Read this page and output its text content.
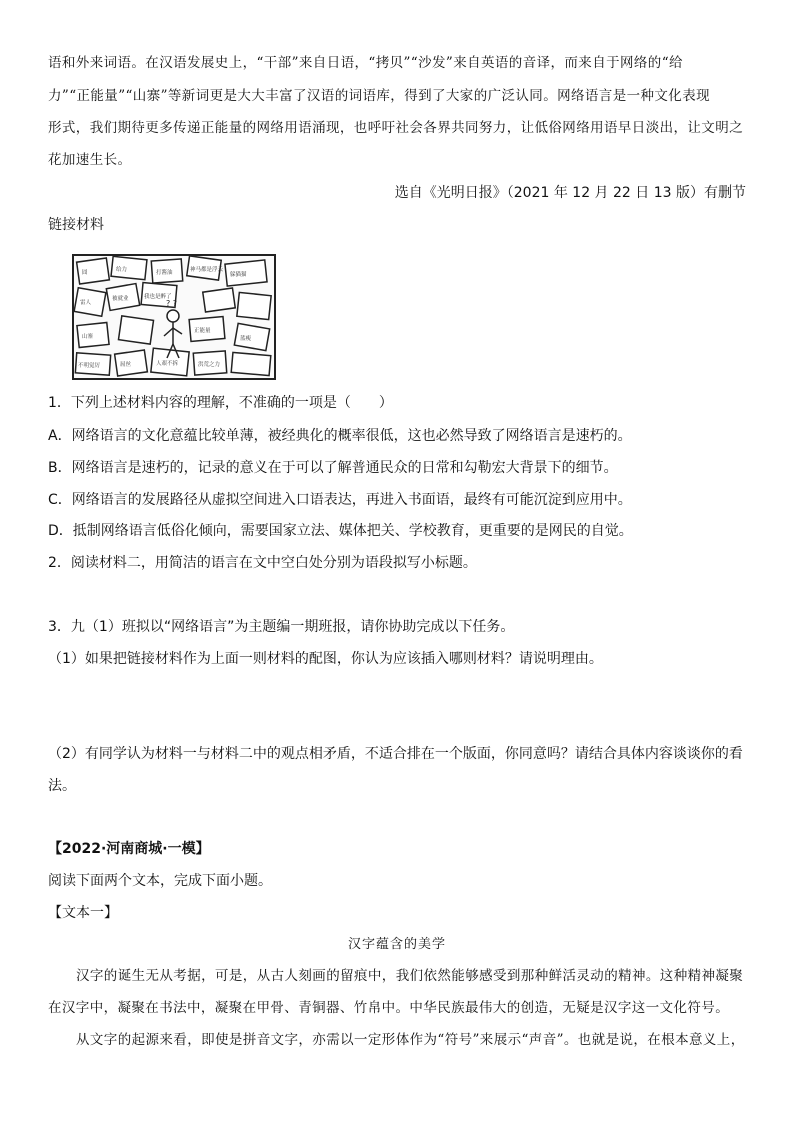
语和外来词语。在汉语发展史上，“干部”来自日语，“拷贝”“沙发”来自英语的音译，而来自于网络的“给
力”“正能量”“山寨”等新词更是大大丰富了汉语的词语库，得到了大家的广泛认同。网络语言是一种文化表现
形式，我们期待更多传递正能量的网络用语涌现，也呼吁社会各界共同努力，让低俗网络用语早日淡出，让文明之
花加速生长。
选自《光明日报》（2021 年 12 月 22 日 13 版）有删节
链接材料
囧	给力	打酱油	神马都是浮云
躲猫猫
雷人
被就业	我也是醉了
山寨
不明觉厉	人艰不拆
屌丝
正能量
蓝瘦
洪荒之力
? ?
1．下列上述材料内容的理解，不准确的一项是（　　）
A．网络语言的文化意蕴比较单薄，被经典化的概率很低，这也必然导致了网络语言是速朽的。
B．网络语言是速朽的，记录的意义在于可以了解普通民众的日常和勾勒宏大背景下的细节。
C．网络语言的发展路径从虚拟空间进入口语表达，再进入书面语，最终有可能沉淀到应用中。
D．抵制网络语言低俗化倾向，需要国家立法、媒体把关、学校教育，更重要的是网民的自觉。
2．阅读材料二，用简洁的语言在文中空白处分别为语段拟写小标题。
3．九（1）班拟以“网络语言”为主题编一期班报，请你协助完成以下任务。
（1）如果把链接材料作为上面一则材料的配图，你认为应该插入哪则材料？请说明理由。
（2）有同学认为材料一与材料二中的观点相矛盾，不适合排在一个版面，你同意吗？请结合具体内容谈谈你的看
法。
【2022·河南商城·一模】
阅读下面两个文本，完成下面小题。
【文本一】
汉字蕴含的美学
汉字的诞生无从考据，可是，从古人刻画的留痕中，我们依然能够感受到那种鲜活灵动的精神。这种精神凝聚
在汉字中，凝聚在书法中，凝聚在甲骨、青铜器、竹帛中。中华民族最伟大的创造，无疑是汉字这一文化符号。
从文字的起源来看，即使是拼音文字，亦需以一定形体作为“符号”来展示“声音”。也就是说，在根本意义上，
